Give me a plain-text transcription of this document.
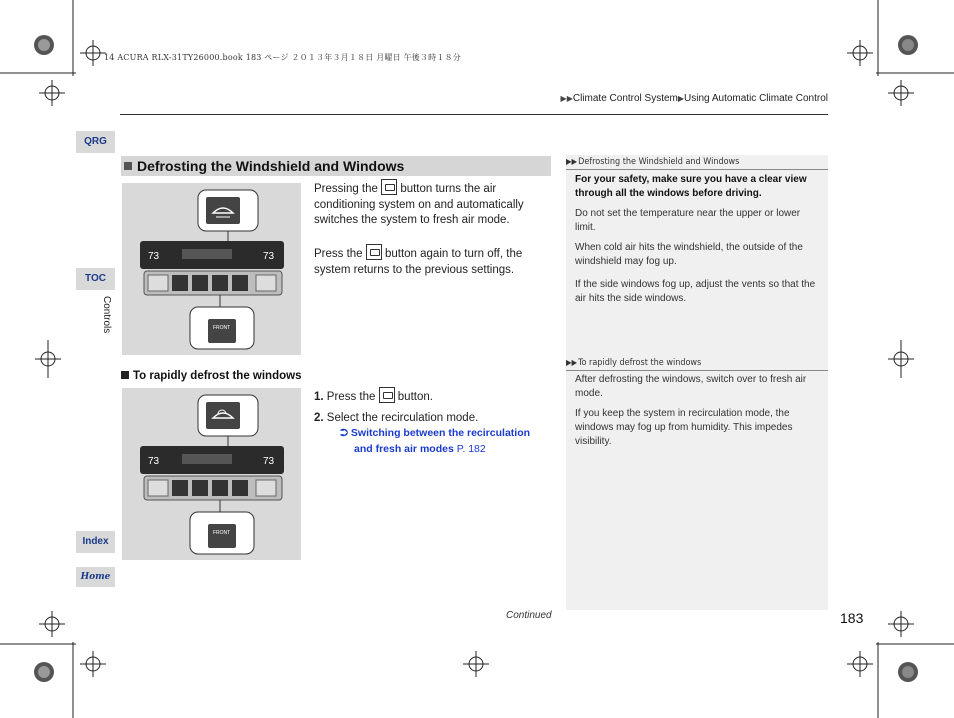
14 ACURA RLX-31TY26000.book 183 ページ ２０１３年３月１８日 月曜日 午後３時１８分
▶▶Climate Control System▶Using Automatic Climate Control
QRG
TOC
Controls
Index
Home
Defrosting the Windshield and Windows
73	73
FRONT
Pressing the  button turns the air conditioning system on and automatically switches the system to fresh air mode.
Press the  button again to turn off, the system returns to the previous settings.
To rapidly defrost the windows
73	73
FRONT
1. Press the  button.
2. Select the recirculation mode.
⮊ Switching between the recirculation
and fresh air modes P. 182
▶▶Defrosting the Windshield and Windows
For your safety, make sure you have a clear view through all the windows before driving.
Do not set the temperature near the upper or lower limit.
When cold air hits the windshield, the outside of the windshield may fog up.
If the side windows fog up, adjust the vents so that the air hits the side windows.
▶▶To rapidly defrost the windows
After defrosting the windows, switch over to fresh air mode.
If you keep the system in recirculation mode, the windows may fog up from humidity. This impedes visibility.
Continued	183
